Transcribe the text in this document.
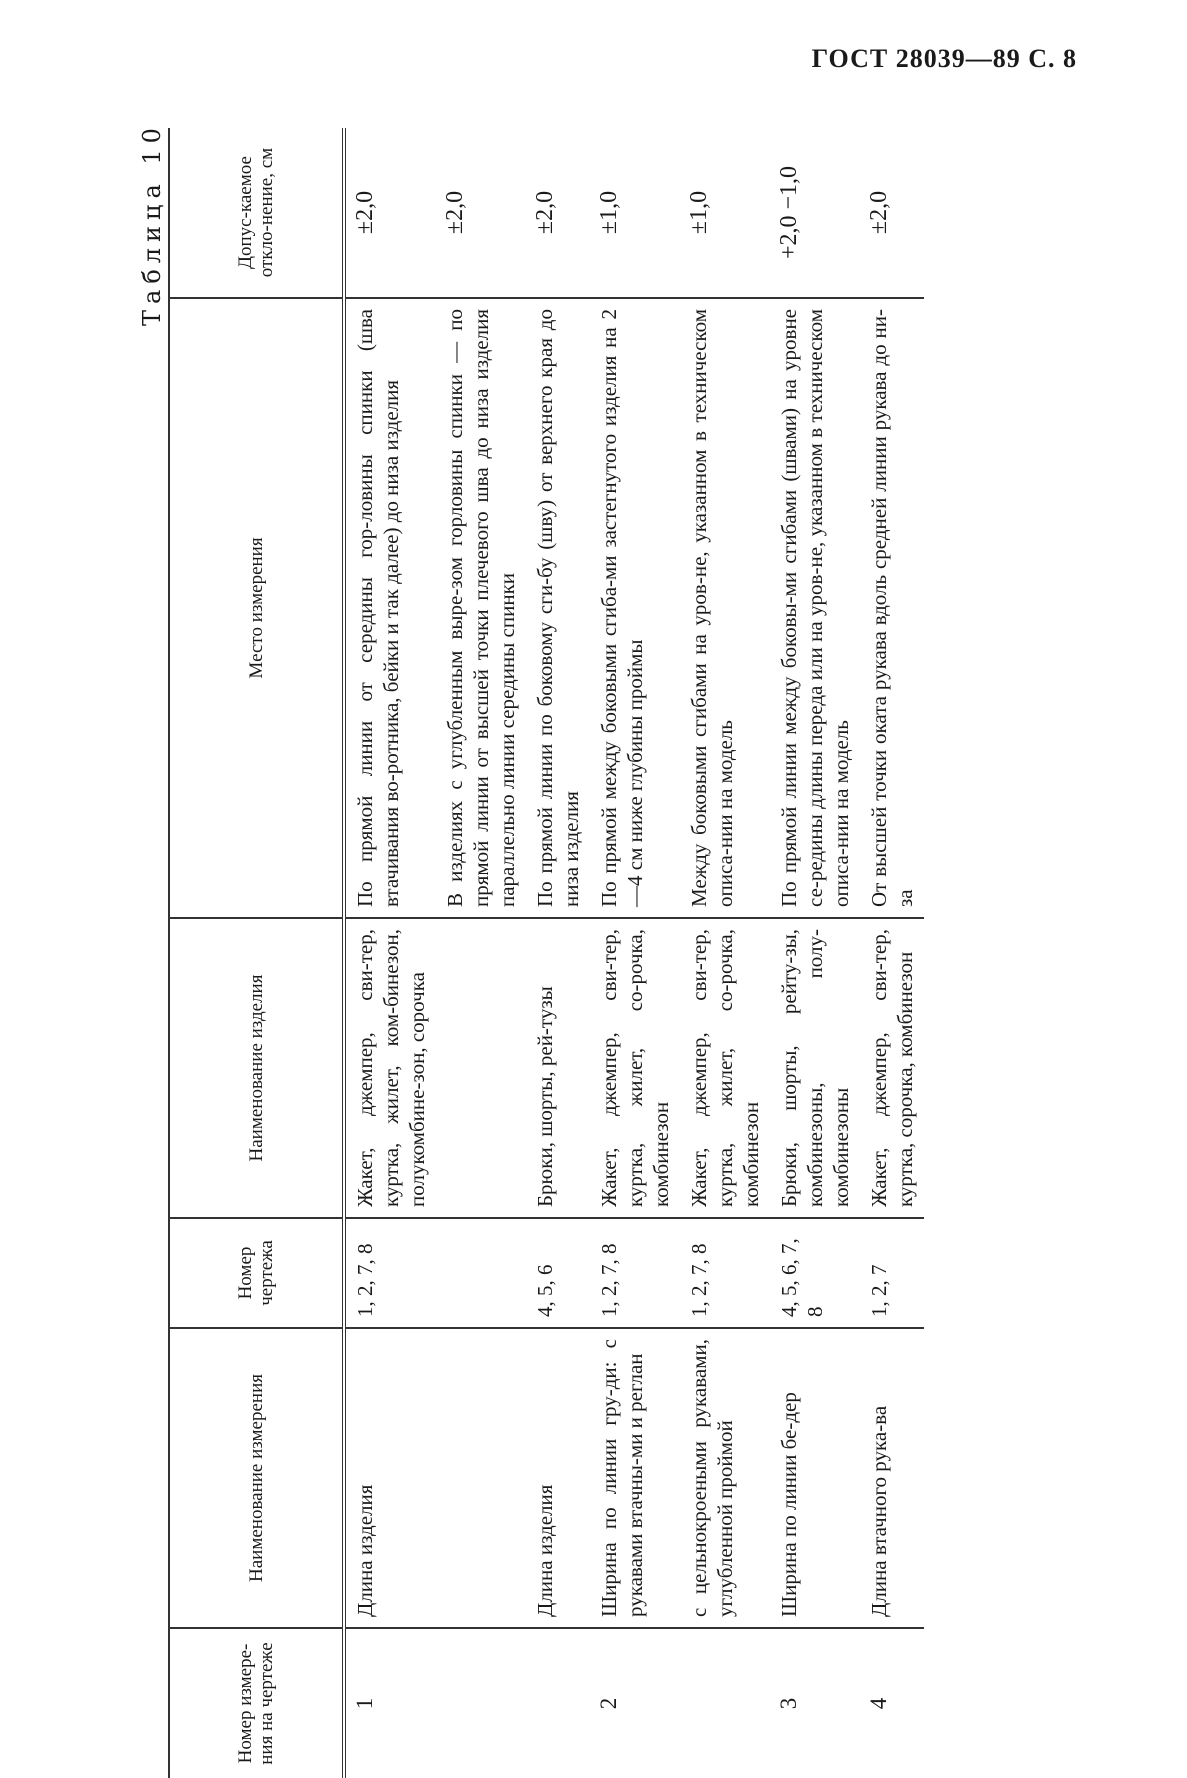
ГОСТ 28039—89 С. 8
Таблица 10
Номер измере-ния на чертеже	Наименование измерения	Номер чертежа	Наименование изделия	Место измерения	Допус-каемое откло-нение, см
1	Длина изделия	1, 2, 7, 8	Жакет, джемпер, сви-тер, куртка, жилет, ком-бинезон, полукомбине-зон, сорочка	По прямой линии от середины гор-ловины спинки (шва втачивания во-ротника, бейки и так далее) до низа изделия	±2,0
				В изделиях с углубленным выре-зом горловины спинки — по прямой линии от высшей точки плечевого шва до низа изделия параллельно линии середины спинки	±2,0
	Длина изделия	4, 5, 6	Брюки, шорты, рей-тузы	По прямой линии по боковому сги-бу (шву) от верхнего края до низа изделия	±2,0
2	Ширина по линии гру-ди: с рукавами втачны-ми и реглан	1, 2, 7, 8	Жакет, джемпер, сви-тер, куртка, жилет, со-рочка, комбинезон	По прямой между боковыми сгиба-ми застегнутого изделия на 2—4 см ниже глубины проймы	±1,0
	с цельнокроеными рукавами, углубленной проймой	1, 2, 7, 8	Жакет, джемпер, сви-тер, куртка, жилет, со-рочка, комбинезон	Между боковыми сгибами на уров-не, указанном в техническом описа-нии на модель	±1,0
3	Ширина по линии бе-дер	4, 5, 6, 7, 8	Брюки, шорты, рейту-зы, комбинезоны, полу-комбинезоны	По прямой линии между боковы-ми сгибами (швами) на уровне се-редины длины переда или на уров-не, указанном в техническом описа-нии на модель	+2,0 −1,0
4	Длина втачного рука-ва	1, 2, 7	Жакет, джемпер, сви-тер, куртка, сорочка, комбинезон	От высшей точки оката рукава вдоль средней линии рукава до ни-за	±2,0
